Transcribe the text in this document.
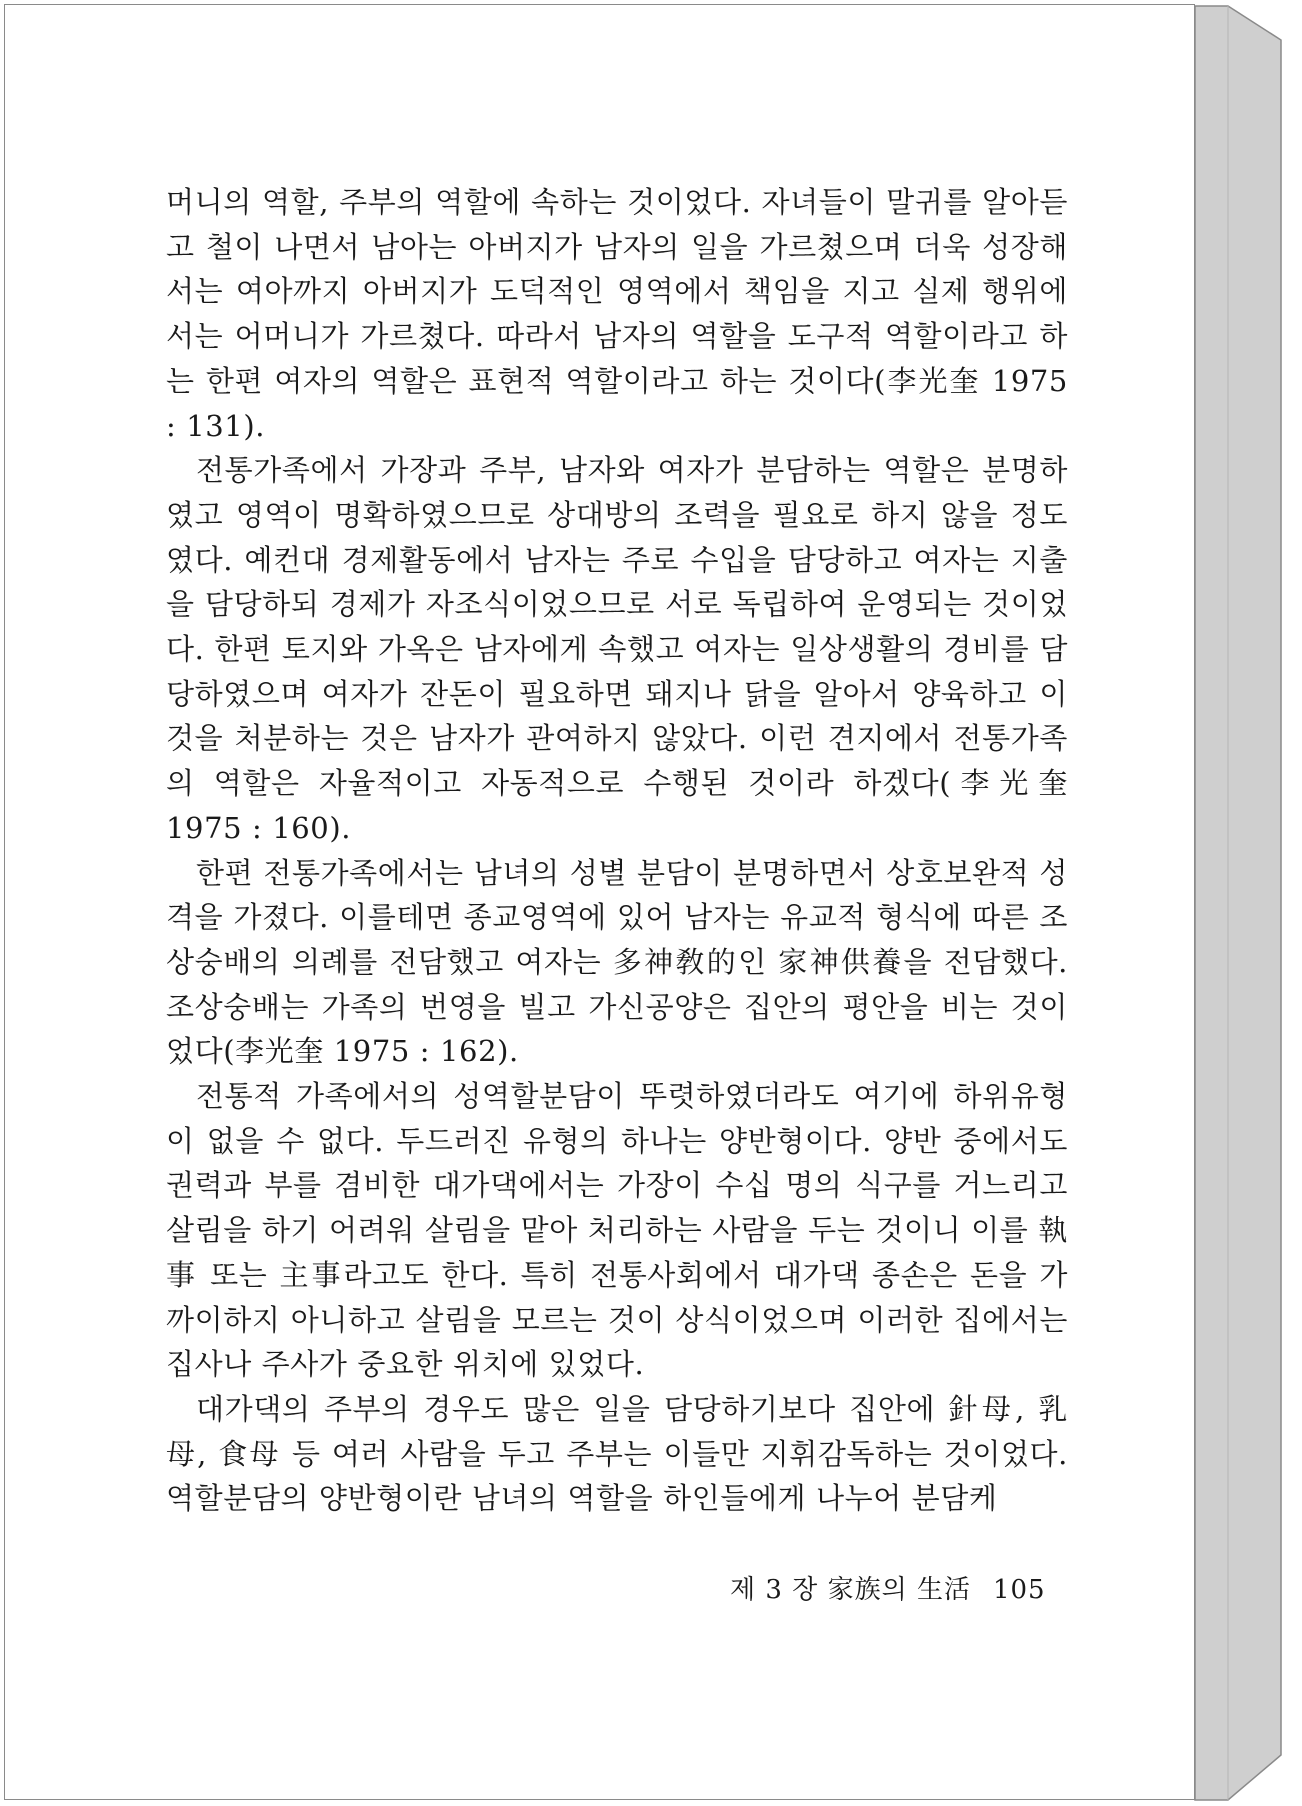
머니의 역할, 주부의 역할에 속하는 것이었다. 자녀들이 말귀를 알아듣고 철이 나면서 남아는 아버지가 남자의 일을 가르쳤으며 더욱 성장해서는 여아까지 아버지가 도덕적인 영역에서 책임을 지고 실제 행위에서는 어머니가 가르쳤다. 따라서 남자의 역할을 도구적 역할이라고 하는 한편 여자의 역할은 표현적 역할이라고 하는 것이다(李光奎 1975 : 131).

전통가족에서 가장과 주부, 남자와 여자가 분담하는 역할은 분명하였고 영역이 명확하였으므로 상대방의 조력을 필요로 하지 않을 정도였다. 예컨대 경제활동에서 남자는 주로 수입을 담당하고 여자는 지출을 담당하되 경제가 자조식이었으므로 서로 독립하여 운영되는 것이었다. 한편 토지와 가옥은 남자에게 속했고 여자는 일상생활의 경비를 담당하였으며 여자가 잔돈이 필요하면 돼지나 닭을 알아서 양육하고 이것을 처분하는 것은 남자가 관여하지 않았다. 이런 견지에서 전통가족의 역할은 자율적이고 자동적으로 수행된 것이라 하겠다(李光奎 1975 : 160).

한편 전통가족에서는 남녀의 성별 분담이 분명하면서 상호보완적 성격을 가졌다. 이를테면 종교영역에 있어 남자는 유교적 형식에 따른 조상숭배의 의례를 전담했고 여자는 多神敎的인 家神供養을 전담했다. 조상숭배는 가족의 번영을 빌고 가신공양은 집안의 평안을 비는 것이었다(李光奎 1975 : 162).

전통적 가족에서의 성역할분담이 뚜렷하였더라도 여기에 하위유형이 없을 수 없다. 두드러진 유형의 하나는 양반형이다. 양반 중에서도 권력과 부를 겸비한 대가댁에서는 가장이 수십 명의 식구를 거느리고 살림을 하기 어려워 살림을 맡아 처리하는 사람을 두는 것이니 이를 執事 또는 主事라고도 한다. 특히 전통사회에서 대가댁 종손은 돈을 가까이하지 아니하고 살림을 모르는 것이 상식이었으며 이러한 집에서는 집사나 주사가 중요한 위치에 있었다.

대가댁의 주부의 경우도 많은 일을 담당하기보다 집안에 針母, 乳母, 食母 등 여러 사람을 두고 주부는 이들만 지휘감독하는 것이었다. 역할분담의 양반형이란 남녀의 역할을 하인들에게 나누어 분담케

제 3 장 家族의 生活 105
